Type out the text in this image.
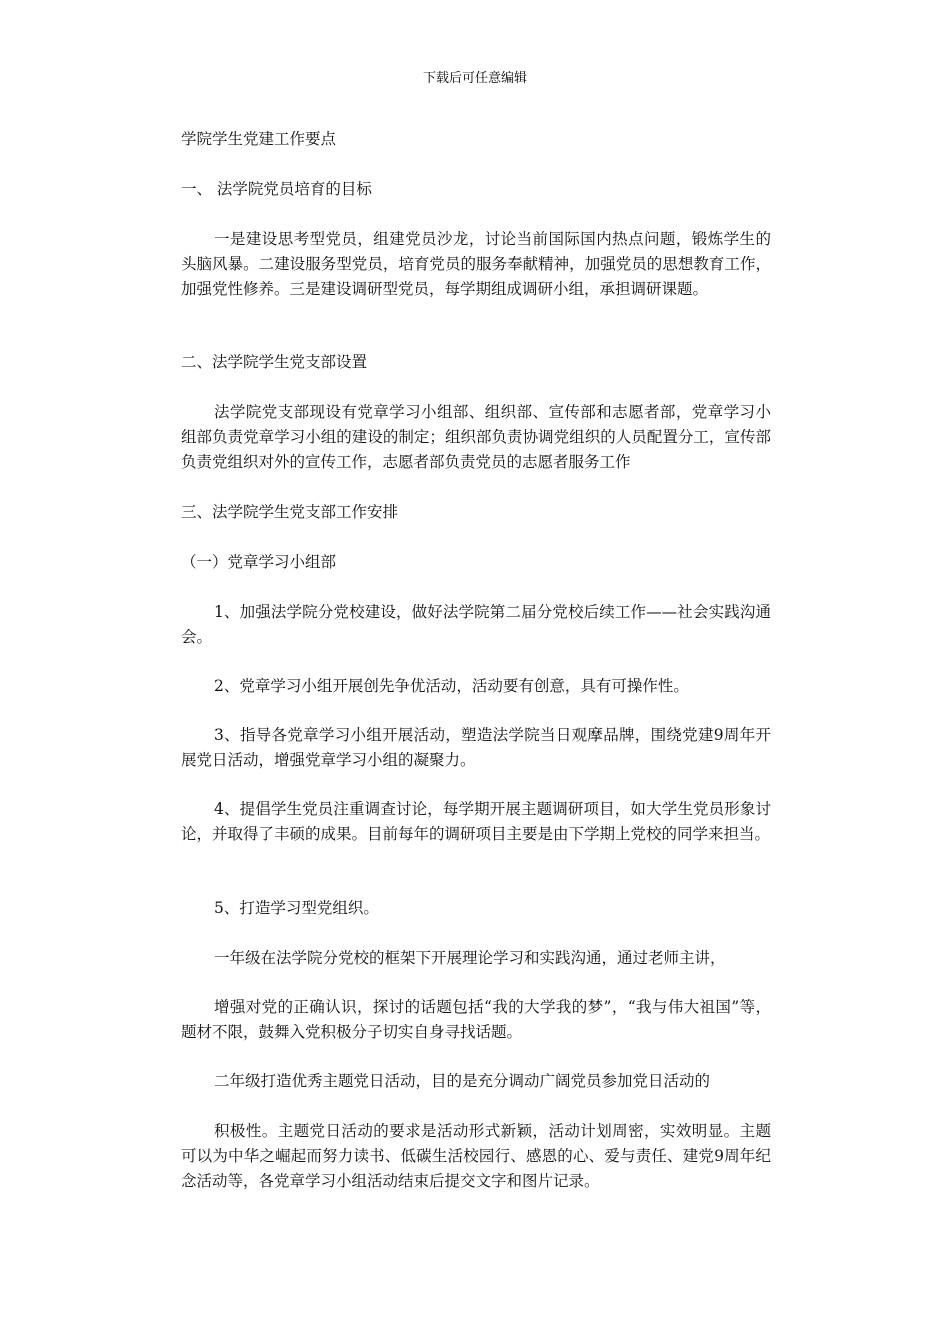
下载后可任意编辑
学院学生党建工作要点
一、 法学院党员培育的目标
一是建设思考型党员，组建党员沙龙，讨论当前国际国内热点问题，锻炼学生的头脑风暴。二建设服务型党员，培育党员的服务奉献精神，加强党员的思想教育工作，加强党性修养。三是建设调研型党员，每学期组成调研小组，承担调研课题。
二、法学院学生党支部设置
法学院党支部现设有党章学习小组部、组织部、宣传部和志愿者部，党章学习小组部负责党章学习小组的建设的制定；组织部负责协调党组织的人员配置分工，宣传部负责党组织对外的宣传工作，志愿者部负责党员的志愿者服务工作
三、法学院学生党支部工作安排
（一）党章学习小组部
1、加强法学院分党校建设，做好法学院第二届分党校后续工作——社会实践沟通会。
2、党章学习小组开展创先争优活动，活动要有创意，具有可操作性。
3、指导各党章学习小组开展活动，塑造法学院当日观摩品牌，围绕党建9周年开展党日活动，增强党章学习小组的凝聚力。
4、提倡学生党员注重调查讨论，每学期开展主题调研项目，如大学生党员形象讨论，并取得了丰硕的成果。目前每年的调研项目主要是由下学期上党校的同学来担当。
5、打造学习型党组织。
一年级在法学院分党校的框架下开展理论学习和实践沟通，通过老师主讲，
增强对党的正确认识，探讨的话题包括“我的大学我的梦”，“我与伟大祖国”等，题材不限，鼓舞入党积极分子切实自身寻找话题。
二年级打造优秀主题党日活动，目的是充分调动广阔党员参加党日活动的
积极性。主题党日活动的要求是活动形式新颖，活动计划周密，实效明显。主题可以为中华之崛起而努力读书、低碳生活校园行、感恩的心、爱与责任、建党9周年纪念活动等，各党章学习小组活动结束后提交文字和图片记录。
